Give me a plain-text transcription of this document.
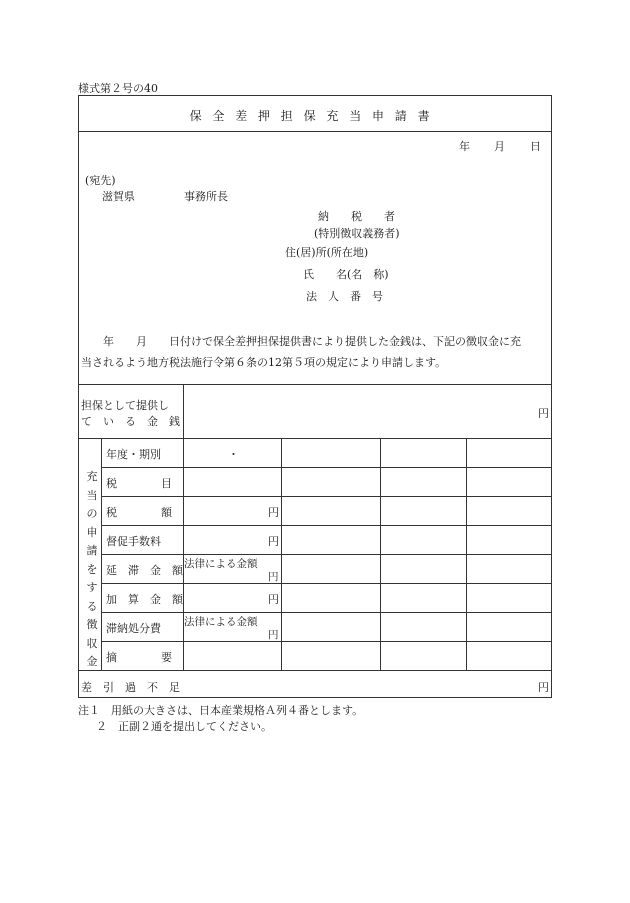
様式第２号の40
保全差押担保充当申請書
年 月 日
(宛先)
滋賀県	事務所長
納　　税　　者
(特別徴収義務者)
住(居)所(所在地)
氏　　名(名　称)
法　人　番　号
年　　月　　日付けで保全差押担保提供書により提供した金銭は、下記の徴収金に充
当されるよう地方税法施行令第６条の12第５項の規定により申請します。
担保として提供し
て　い　る　金　銭
円
充当の申請をする徴収金
年度・期別	・
税　　　　目
税　　　　額	円
督促手数料	円
延　滞　金　額 法律による金額
円
加　算　金　額	円
滞納処分費 法律による金額
円
摘　　　　要
差　引　過　不　足	円
注１　用紙の大きさは、日本産業規格Ａ列４番とします。
２　正副２通を提出してください。
